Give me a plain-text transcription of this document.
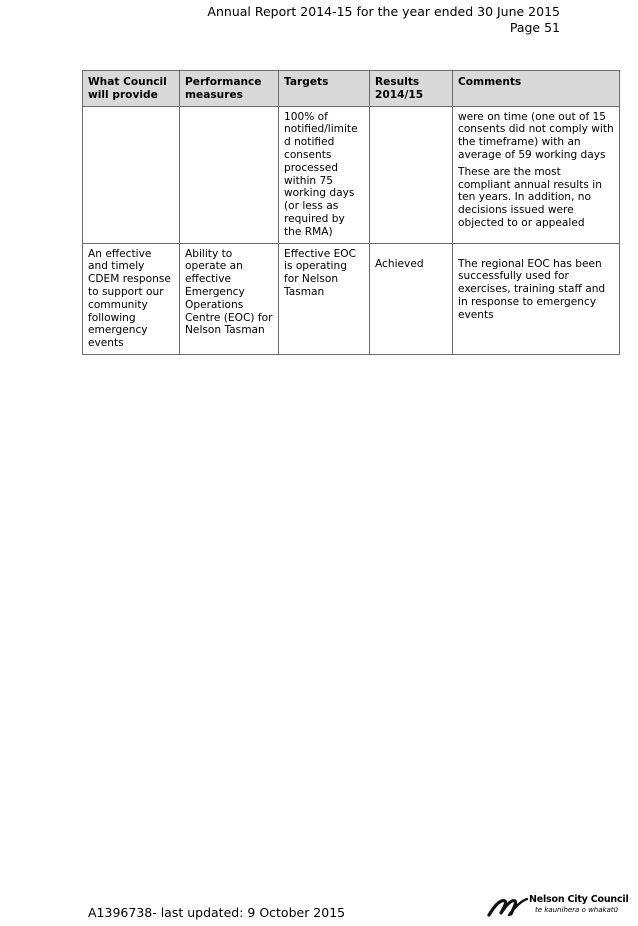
Annual Report 2014-15 for the year ended 30 June 2015
Page 51
What Council will provide	Performance measures	Targets	Results 2014/15	Comments
		100% of notified/limite d notified consents processed within 75 working days (or less as required by the RMA)		were on time (one out of 15 consents did not comply with the timeframe) with an average of 59 working days
These are the most compliant annual results in ten years. In addition, no decisions issued were objected to or appealed

An effective and timely CDEM response to support our community following emergency events	Ability to operate an effective Emergency Operations Centre (EOC) for Nelson Tasman	Effective EOC is operating for Nelson Tasman	Achieved	The regional EOC has been successfully used for exercises, training staff and in response to emergency events
A1396738- last updated: 9 October 2015
Nelson City Council
te kaunihera o whakatū
